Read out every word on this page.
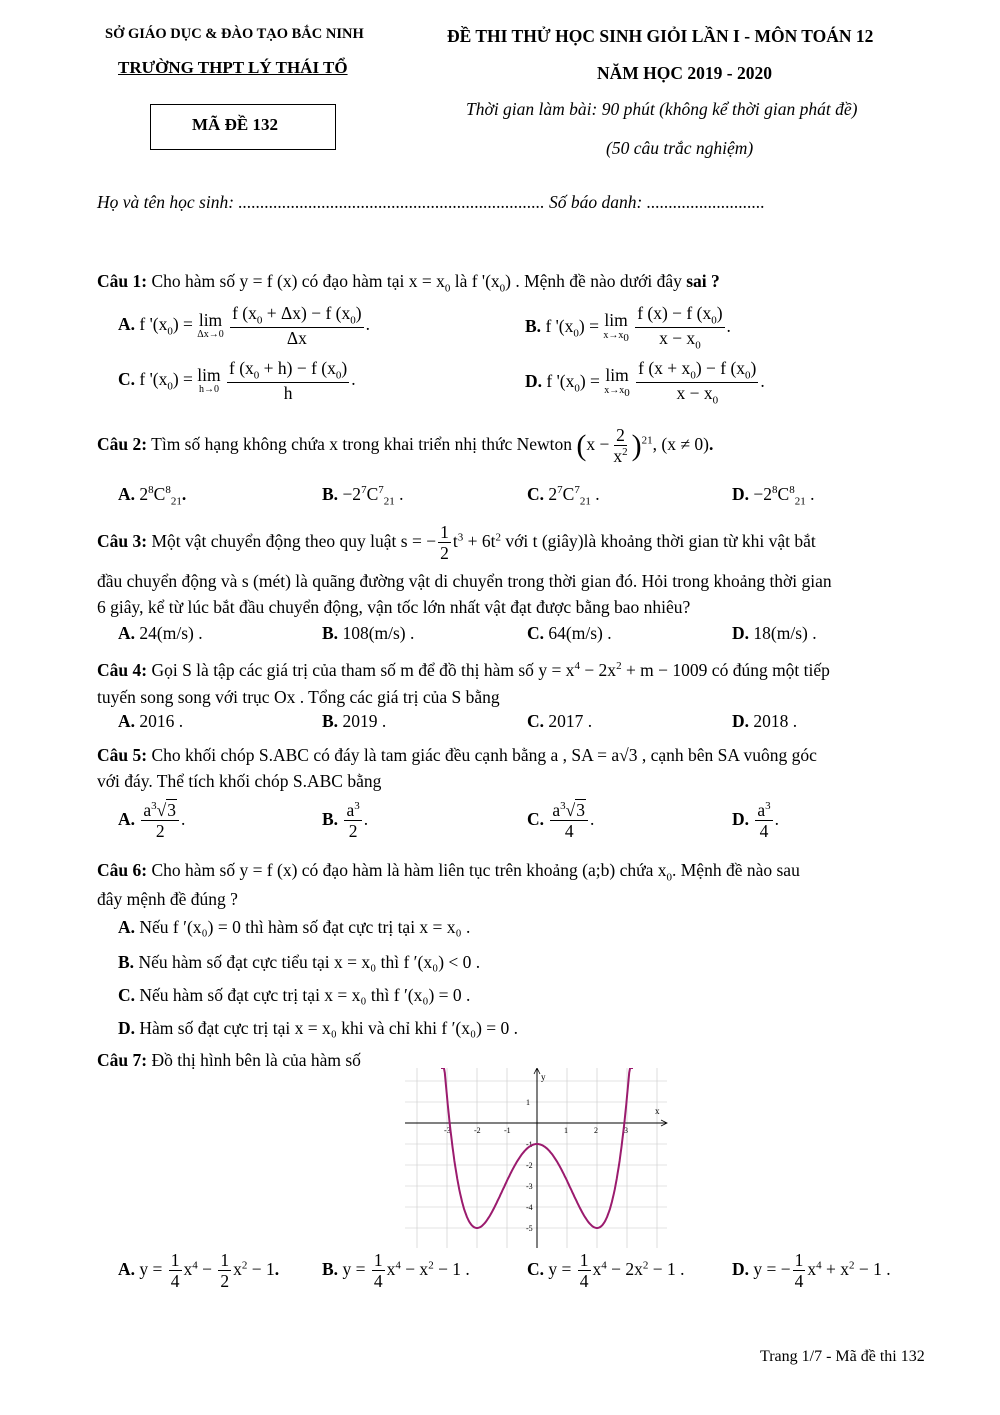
SỞ GIÁO DỤC & ĐÀO TẠO BẮC NINH
TRƯỜNG THPT LÝ THÁI TỔ
MÃ ĐỀ 132
ĐỀ THI THỬ HỌC SINH GIỎI LẦN I - MÔN TOÁN 12
NĂM HỌC 2019 - 2020
Thời gian làm bài: 90 phút (không kể thời gian phát đề)
(50 câu trắc nghiệm)
Họ và tên học sinh: ...................................................................... Số báo danh: ...........................
Câu 1: Cho hàm số y = f (x) có đạo hàm tại $x = x_0$ là f '$(x_0)$ . Mệnh đề nào dưới đây sai ?
A. f '$(x_0) = \lim$
Δx→0
$\frac{f (x_0 + \Delta x) - f (x_0)}{\Delta x}$ .	B. f '$(x_0) = \lim$
$x\to x_0$
$\frac{f (x) - f (x_0)}{x - x_0}$ .
C. f '$(x_0) = \lim$
h→0
$\frac{f (x_0 + h) - f (x_0)}{h}$ .	D. f '$(x_0) = \lim$
$x\to x_0$
$\frac{f (x + x_0) - f (x_0)}{x - x_0}$ .
Câu 2: Tìm số hạng không chứa x trong khai triển nhị thức Newton $(x - \frac{2}{x^2} )^{21}$, (x ≠ 0).
A. $2^8C^8_{21}$.	B. $-2^7C^7_{21}$ .	C. $2^7C^7_{21}$ .	D. $-2^8C^8_{21}$ .
Câu 3: Một vật chuyển động theo quy luật s = − $\frac{1}{2} t^3 + 6t^2$ với t (giây)là khoảng thời gian từ khi vật bắt
đầu chuyển động và s (mét) là quãng đường vật di chuyển trong thời gian đó. Hỏi trong khoảng thời gian
6 giây, kể từ lúc bắt đầu chuyển động, vận tốc lớn nhất vật đạt được bằng bao nhiêu?
A. 24(m/s) .	B. 108(m/s) .	C. 64(m/s) .	D. 18(m/s) .
Câu 4: Gọi S là tập các giá trị của tham số m để đồ thị hàm số $y = x^4 - 2x^2 + m - 1009$ có đúng một tiếp
tuyến song song với trục Ox . Tổng các giá trị của S bằng
A. 2016 .	B. 2019 .	C. 2017 .	D. 2018 .
Câu 5: Cho khối chóp S.ABC có đáy là tam giác đều cạnh bằng a , SA = a√3 , cạnh bên SA vuông góc
với đáy. Thể tích khối chóp S.ABC bằng
A. $\frac{a^3√3}{2}$ .	B. $\frac{a^3}{2}$ .	C. $\frac{a^3√3}{4}$ .	D. $\frac{a^3}{4}$ .
Câu 6: Cho hàm số y = f (x) có đạo hàm là hàm liên tục trên khoảng (a;b) chứa $x_0$. Mệnh đề nào sau
đây mệnh đề đúng ?
A. Nếu f ′(x₀) = 0 thì hàm số đạt cực trị tại x = x₀ .
B. Nếu hàm số đạt cực tiểu tại x = x₀ thì f ′(x₀) < 0 .
C. Nếu hàm số đạt cực trị tại x = x₀ thì f ′(x₀) = 0 .
D. Hàm số đạt cực trị tại x = x₀ khi và chỉ khi f ′(x₀) = 0 .
Câu 7: Đồ thị hình bên là của hàm số
x
y
-3	-2	-1	1	2	3
1
-1
-2
-3
-4
-5
A. $y = \frac{1}{4} x^4 - \frac{1}{2} x^2 - 1$. B. $y = \frac{1}{4} x^4 - x^2 - 1$ .	C. $y = \frac{1}{4} x^4 - 2x^2 - 1$ .	D. y = − $\frac{1}{4} x^4 + x^2 - 1$ .
Trang 1/7 - Mã đề thi 132
